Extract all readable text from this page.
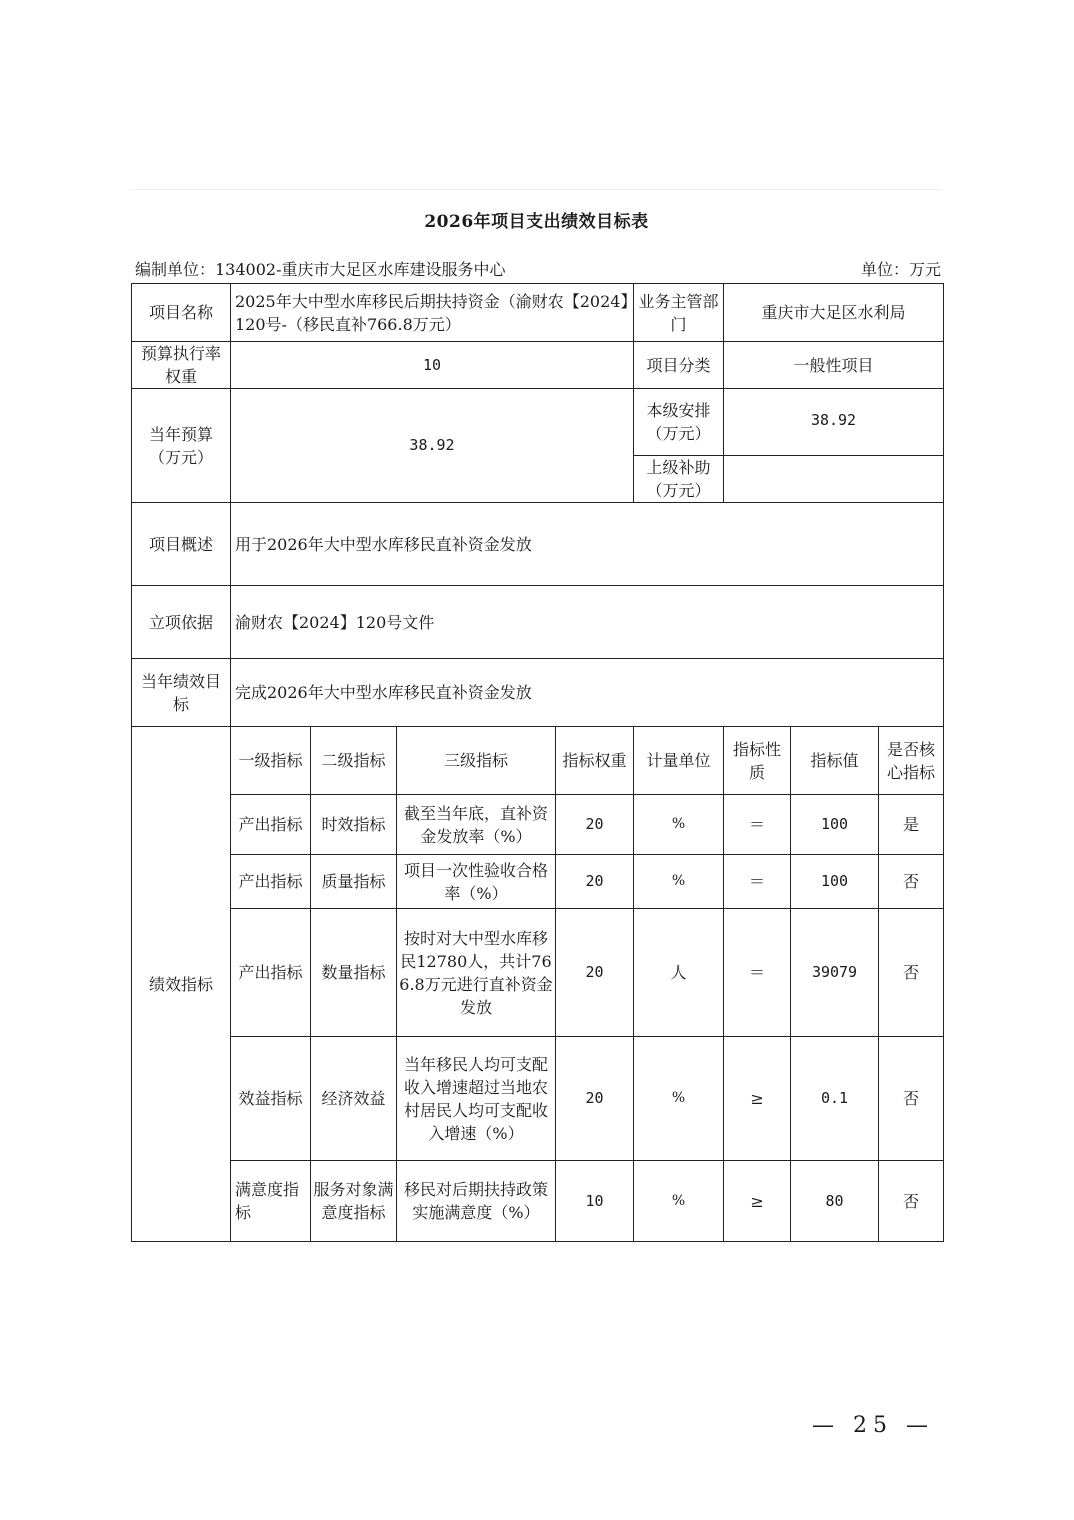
2026年项目支出绩效目标表
编制单位：134002-重庆市大足区水库建设服务中心	单位：万元
项目名称	2025年大中型水库移民后期扶持资金（渝财农【2024】120号-（移民直补766.8万元）				业务主管部门	重庆市大足区水利局		
预算执行率权重	10				项目分类	一般性项目		
当年预算（万元）	38.92				本级安排（万元）	38.92		
					上级补助（万元）			
项目概述	用于2026年大中型水库移民直补资金发放							
立项依据	渝财农【2024】120号文件							
当年绩效目标	完成2026年大中型水库移民直补资金发放							
绩效指标	一级指标	二级指标	三级指标	指标权重	计量单位	指标性质	指标值	是否核心指标
	产出指标	时效指标	截至当年底，直补资金发放率（%）	20	%	＝	100	是
	产出指标	质量指标	项目一次性验收合格率（%）	20	%	＝	100	否
	产出指标	数量指标	按时对大中型水库移民12780人，共计766.8万元进行直补资金发放	20	人	＝	39079	否
	效益指标	经济效益	当年移民人均可支配收入增速超过当地农村居民人均可支配收入增速（%）	20	%	≥	0.1	否
	满意度指标	服务对象满意度指标	移民对后期扶持政策实施满意度（%）	10	%	≥	80	否
— 25 —
